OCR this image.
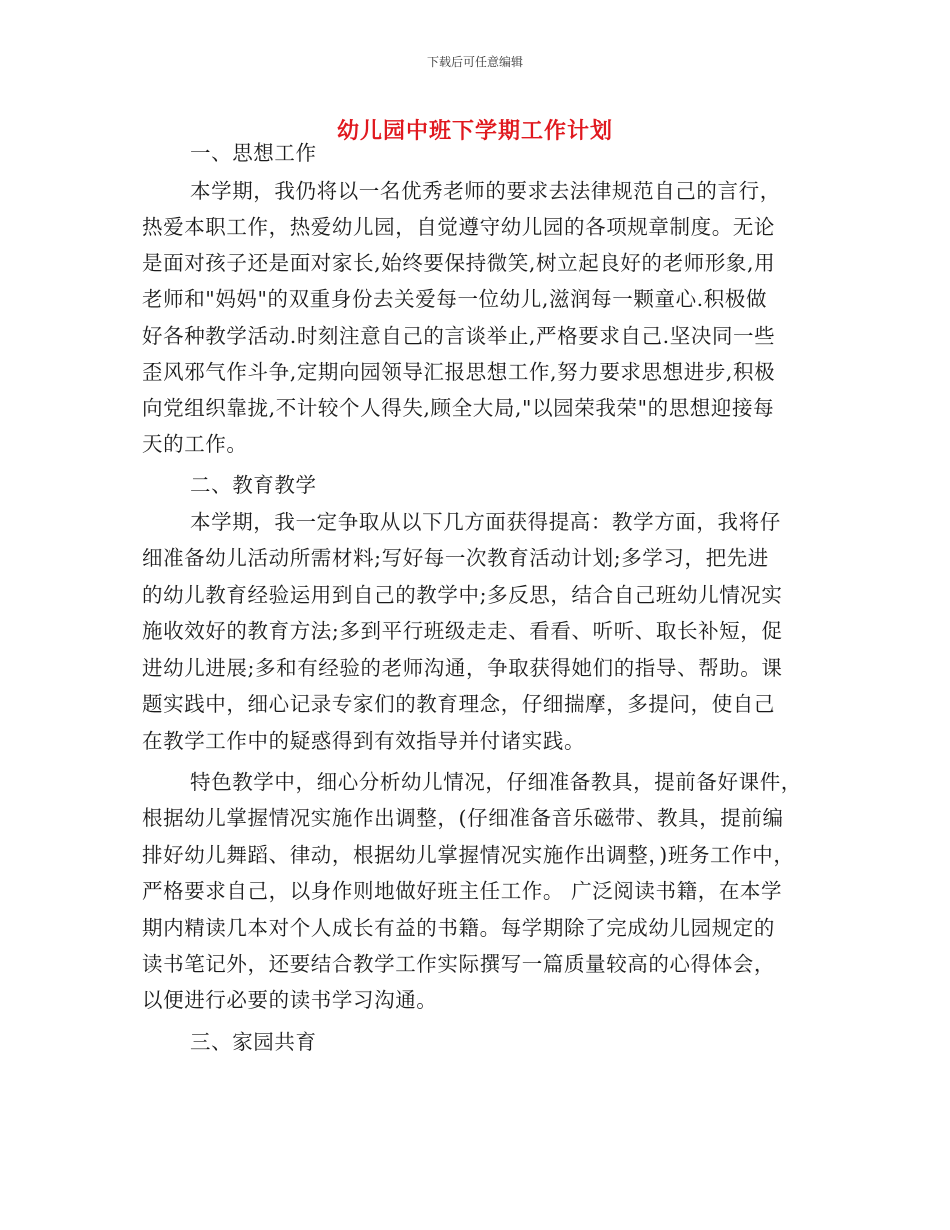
下载后可任意编辑
幼儿园中班下学期工作计划
一、思想工作
本学期，我仍将以一名优秀老师的要求去法律规范自己的言行，
热爱本职工作，热爱幼儿园，自觉遵守幼儿园的各项规章制度。无论
是面对孩子还是面对家长,始终要保持微笑,树立起良好的老师形象,用
老师和"妈妈"的双重身份去关爱每一位幼儿,滋润每一颗童心.积极做
好各种教学活动.时刻注意自己的言谈举止,严格要求自己.坚决同一些
歪风邪气作斗争,定期向园领导汇报思想工作,努力要求思想进步,积极
向党组织靠拢,不计较个人得失,顾全大局,"以园荣我荣"的思想迎接每
天的工作。
二、教育教学
本学期，我一定争取从以下几方面获得提高：教学方面，我将仔
细准备幼儿活动所需材料;写好每一次教育活动计划;多学习，把先进
的幼儿教育经验运用到自己的教学中;多反思，结合自己班幼儿情况实
施收效好的教育方法;多到平行班级走走、看看、听听、取长补短，促
进幼儿进展;多和有经验的老师沟通，争取获得她们的指导、帮助。课
题实践中，细心记录专家们的教育理念，仔细揣摩，多提问，使自己
在教学工作中的疑惑得到有效指导并付诸实践。
特色教学中，细心分析幼儿情况，仔细准备教具，提前备好课件，
根据幼儿掌握情况实施作出调整，(仔细准备音乐磁带、教具，提前编
排好幼儿舞蹈、律动，根据幼儿掌握情况实施作出调整，)班务工作中，
严格要求自己，以身作则地做好班主任工作。 广泛阅读书籍，在本学
期内精读几本对个人成长有益的书籍。每学期除了完成幼儿园规定的
读书笔记外，还要结合教学工作实际撰写一篇质量较高的心得体会，
以便进行必要的读书学习沟通。
三、家园共育
